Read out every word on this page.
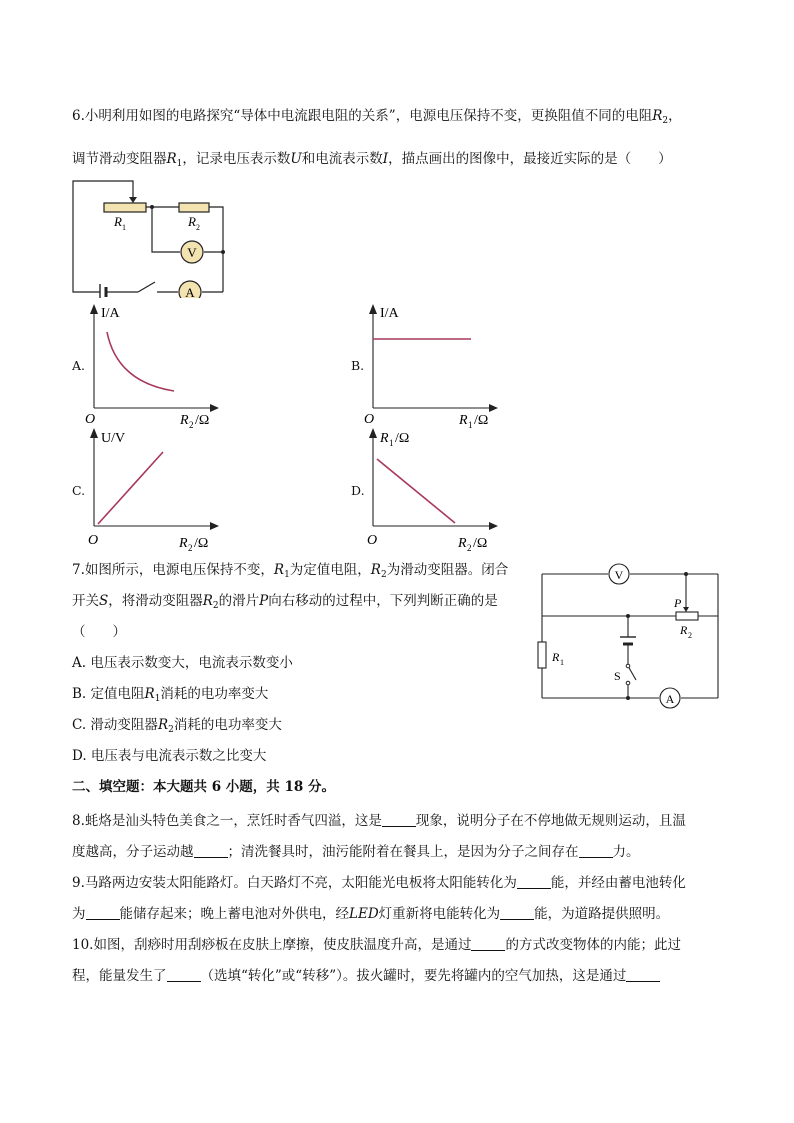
6.小明利用如图的电路探究“导体中电流跟电阻的关系”，电源电压保持不变，更换阻值不同的电阻$R_2$，
调节滑动变阻器$R_1$，记录电压表示数U和电流表示数I，描点画出的图像中，最接近实际的是（　　）
V
A
R 1	R 2
A.
I/A
O	R 2 /Ω
B.
I/A
O	R 1 /Ω
C.
U/V
O	R 2 /Ω
D.
R 1 /Ω
O	R 2 /Ω
7.如图所示，电源电压保持不变，$R_1$为定值电阻，$R_2$为滑动变阻器。闭合
开关S，将滑动变阻器$R_2$的滑片P向右移动的过程中，下列判断正确的是
（　　）
A. 电压表示数变大，电流表示数变小
B. 定值电阻$R_1$消耗的电功率变大
C. 滑动变阻器$R_2$消耗的电功率变大
D. 电压表与电流表示数之比变大
V
A
P
R 2
R 1
S
二、填空题：本大题共 6 小题，共 18 分。
8.蚝烙是汕头特色美食之一，烹饪时香气四溢，这是	现象，说明分子在不停地做无规则运动，且温
度越高，分子运动越	；清洗餐具时，油污能附着在餐具上，是因为分子之间存在	力。
9.马路两边安装太阳能路灯。白天路灯不亮，太阳能光电板将太阳能转化为	能，并经由蓄电池转化
为	能储存起来；晚上蓄电池对外供电，经LED灯重新将电能转化为	能，为道路提供照明。
10.如图，刮痧时用刮痧板在皮肤上摩擦，使皮肤温度升高，是通过	的方式改变物体的内能；此过
程，能量发生了	（选填“转化”或“转移”）。拔火罐时，要先将罐内的空气加热，这是通过
